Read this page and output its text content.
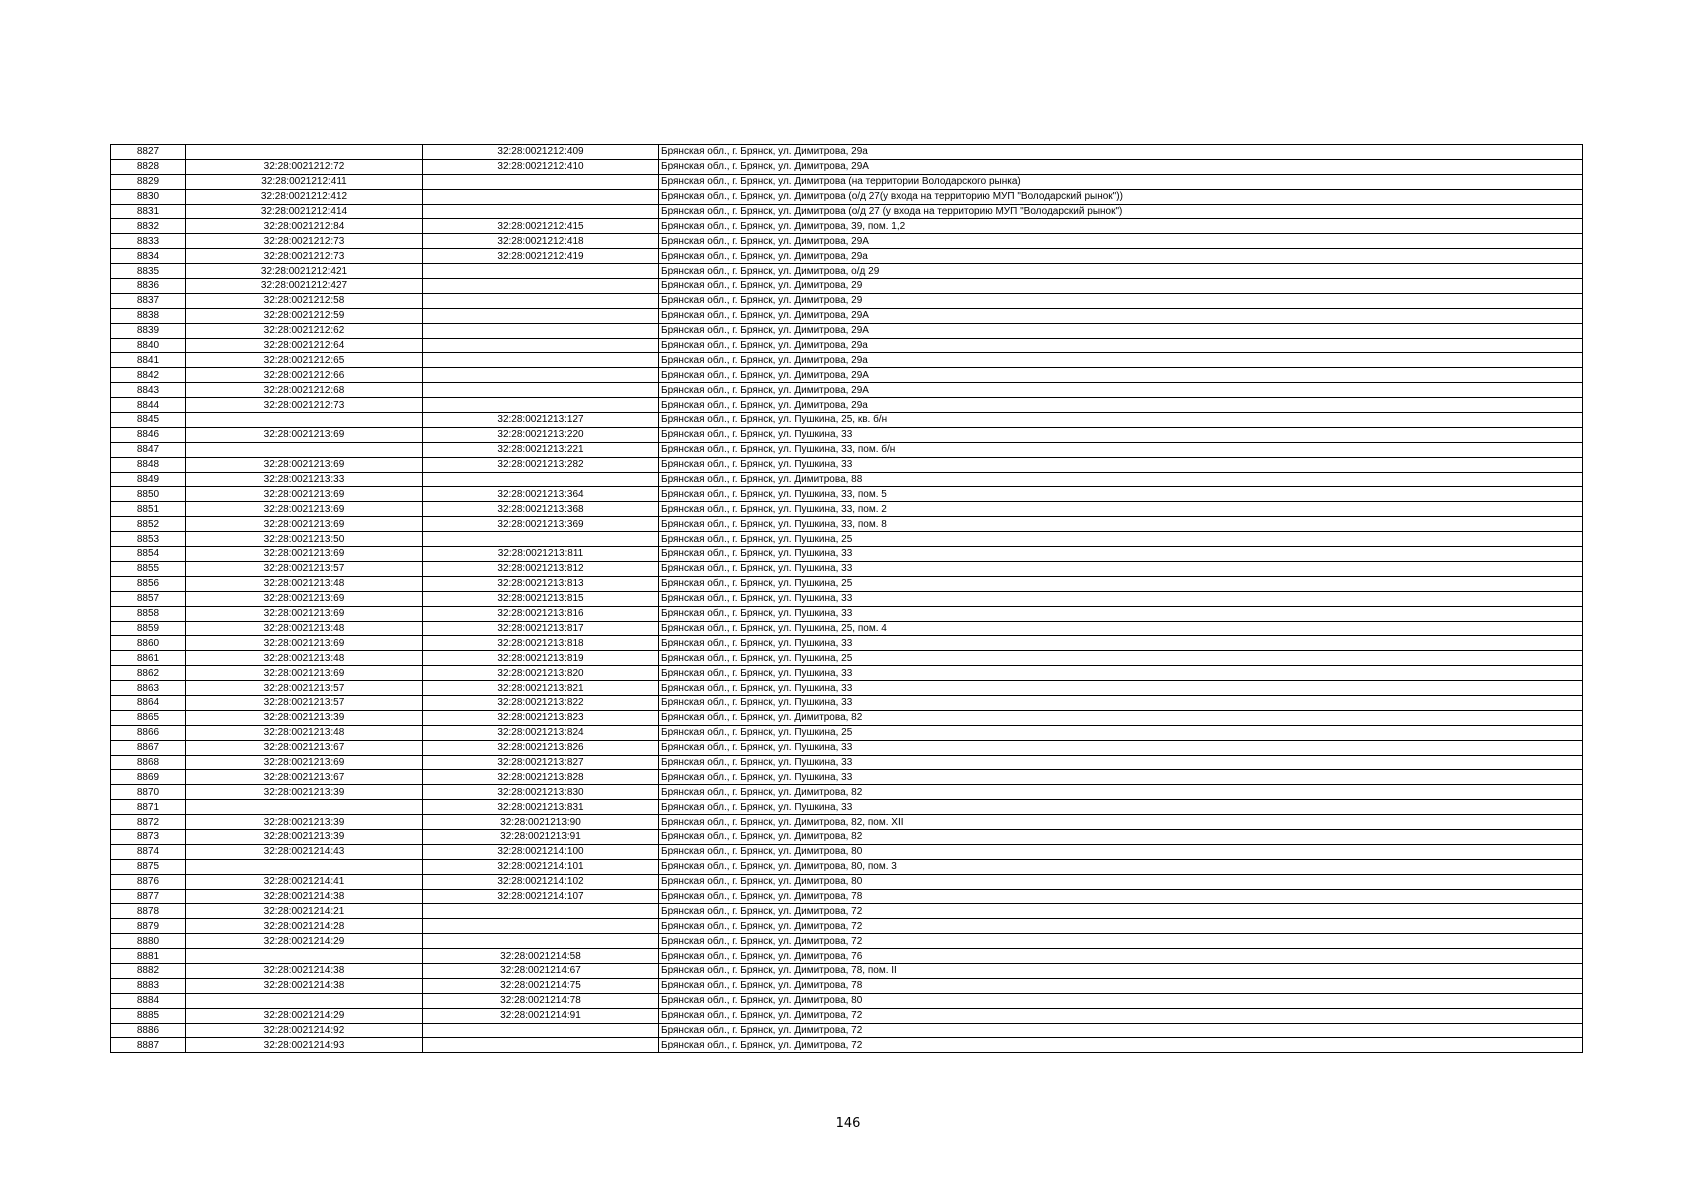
8827		32:28:0021212:409	Брянская обл., г. Брянск, ул. Димитрова, 29а
8828	32:28:0021212:72	32:28:0021212:410	Брянская обл., г. Брянск, ул. Димитрова, 29А
8829	32:28:0021212:411		Брянская обл., г. Брянск, ул. Димитрова (на территории Володарского рынка)
8830	32:28:0021212:412		Брянская обл., г. Брянск, ул. Димитрова (о/д 27(у входа на территорию МУП "Володарский рынок"))
8831	32:28:0021212:414		Брянская обл., г. Брянск, ул. Димитрова (о/д 27 (у входа на территорию МУП "Володарский рынок")
8832	32:28:0021212:84	32:28:0021212:415	Брянская обл., г. Брянск, ул. Димитрова, 39, пом. 1,2
8833	32:28:0021212:73	32:28:0021212:418	Брянская обл., г. Брянск, ул. Димитрова, 29А
8834	32:28:0021212:73	32:28:0021212:419	Брянская обл., г. Брянск, ул. Димитрова, 29а
8835	32:28:0021212:421		Брянская обл., г. Брянск, ул. Димитрова, о/д 29
8836	32:28:0021212:427		Брянская обл., г. Брянск, ул. Димитрова, 29
8837	32:28:0021212:58		Брянская обл., г. Брянск, ул. Димитрова, 29
8838	32:28:0021212:59		Брянская обл., г. Брянск, ул. Димитрова, 29А
8839	32:28:0021212:62		Брянская обл., г. Брянск, ул. Димитрова, 29А
8840	32:28:0021212:64		Брянская обл., г. Брянск, ул. Димитрова, 29а
8841	32:28:0021212:65		Брянская обл., г. Брянск, ул. Димитрова, 29а
8842	32:28:0021212:66		Брянская обл., г. Брянск, ул. Димитрова, 29А
8843	32:28:0021212:68		Брянская обл., г. Брянск, ул. Димитрова, 29А
8844	32:28:0021212:73		Брянская обл., г. Брянск, ул. Димитрова, 29а
8845		32:28:0021213:127	Брянская обл., г. Брянск, ул. Пушкина, 25, кв. б/н
8846	32:28:0021213:69	32:28:0021213:220	Брянская обл., г. Брянск, ул. Пушкина, 33
8847		32:28:0021213:221	Брянская обл., г. Брянск, ул. Пушкина, 33, пом. б/н
8848	32:28:0021213:69	32:28:0021213:282	Брянская обл., г. Брянск, ул. Пушкина, 33
8849	32:28:0021213:33		Брянская обл., г. Брянск, ул. Димитрова, 88
8850	32:28:0021213:69	32:28:0021213:364	Брянская обл., г. Брянск, ул. Пушкина, 33, пом. 5
8851	32:28:0021213:69	32:28:0021213:368	Брянская обл., г. Брянск, ул. Пушкина, 33, пом. 2
8852	32:28:0021213:69	32:28:0021213:369	Брянская обл., г. Брянск, ул. Пушкина, 33, пом. 8
8853	32:28:0021213:50		Брянская обл., г. Брянск, ул. Пушкина, 25
8854	32:28:0021213:69	32:28:0021213:811	Брянская обл., г. Брянск, ул. Пушкина, 33
8855	32:28:0021213:57	32:28:0021213:812	Брянская обл., г. Брянск, ул. Пушкина, 33
8856	32:28:0021213:48	32:28:0021213:813	Брянская обл., г. Брянск, ул. Пушкина, 25
8857	32:28:0021213:69	32:28:0021213:815	Брянская обл., г. Брянск, ул. Пушкина, 33
8858	32:28:0021213:69	32:28:0021213:816	Брянская обл., г. Брянск, ул. Пушкина, 33
8859	32:28:0021213:48	32:28:0021213:817	Брянская обл., г. Брянск, ул. Пушкина, 25, пом. 4
8860	32:28:0021213:69	32:28:0021213:818	Брянская обл., г. Брянск, ул. Пушкина, 33
8861	32:28:0021213:48	32:28:0021213:819	Брянская обл., г. Брянск, ул. Пушкина, 25
8862	32:28:0021213:69	32:28:0021213:820	Брянская обл., г. Брянск, ул. Пушкина, 33
8863	32:28:0021213:57	32:28:0021213:821	Брянская обл., г. Брянск, ул. Пушкина, 33
8864	32:28:0021213:57	32:28:0021213:822	Брянская обл., г. Брянск, ул. Пушкина, 33
8865	32:28:0021213:39	32:28:0021213:823	Брянская обл., г. Брянск, ул. Димитрова, 82
8866	32:28:0021213:48	32:28:0021213:824	Брянская обл., г. Брянск, ул. Пушкина, 25
8867	32:28:0021213:67	32:28:0021213:826	Брянская обл., г. Брянск, ул. Пушкина, 33
8868	32:28:0021213:69	32:28:0021213:827	Брянская обл., г. Брянск, ул. Пушкина, 33
8869	32:28:0021213:67	32:28:0021213:828	Брянская обл., г. Брянск, ул. Пушкина, 33
8870	32:28:0021213:39	32:28:0021213:830	Брянская обл., г. Брянск, ул. Димитрова, 82
8871		32:28:0021213:831	Брянская обл., г. Брянск, ул. Пушкина, 33
8872	32:28:0021213:39	32:28:0021213:90	Брянская обл., г. Брянск, ул. Димитрова, 82, пом. XII
8873	32:28:0021213:39	32:28:0021213:91	Брянская обл., г. Брянск, ул. Димитрова, 82
8874	32:28:0021214:43	32:28:0021214:100	Брянская обл., г. Брянск, ул. Димитрова, 80
8875		32:28:0021214:101	Брянская обл., г. Брянск, ул. Димитрова, 80, пом. 3
8876	32:28:0021214:41	32:28:0021214:102	Брянская обл., г. Брянск, ул. Димитрова, 80
8877	32:28:0021214:38	32:28:0021214:107	Брянская обл., г. Брянск, ул. Димитрова, 78
8878	32:28:0021214:21		Брянская обл., г. Брянск, ул. Димитрова, 72
8879	32:28:0021214:28		Брянская обл., г. Брянск, ул. Димитрова, 72
8880	32:28:0021214:29		Брянская обл., г. Брянск, ул. Димитрова, 72
8881		32:28:0021214:58	Брянская обл., г. Брянск, ул. Димитрова, 76
8882	32:28:0021214:38	32:28:0021214:67	Брянская обл., г. Брянск, ул. Димитрова, 78, пом. II
8883	32:28:0021214:38	32:28:0021214:75	Брянская обл., г. Брянск, ул. Димитрова, 78
8884		32:28:0021214:78	Брянская обл., г. Брянск, ул. Димитрова, 80
8885	32:28:0021214:29	32:28:0021214:91	Брянская обл., г. Брянск, ул. Димитрова, 72
8886	32:28:0021214:92		Брянская обл., г. Брянск, ул. Димитрова, 72
8887	32:28:0021214:93		Брянская обл., г. Брянск, ул. Димитрова, 72
146
